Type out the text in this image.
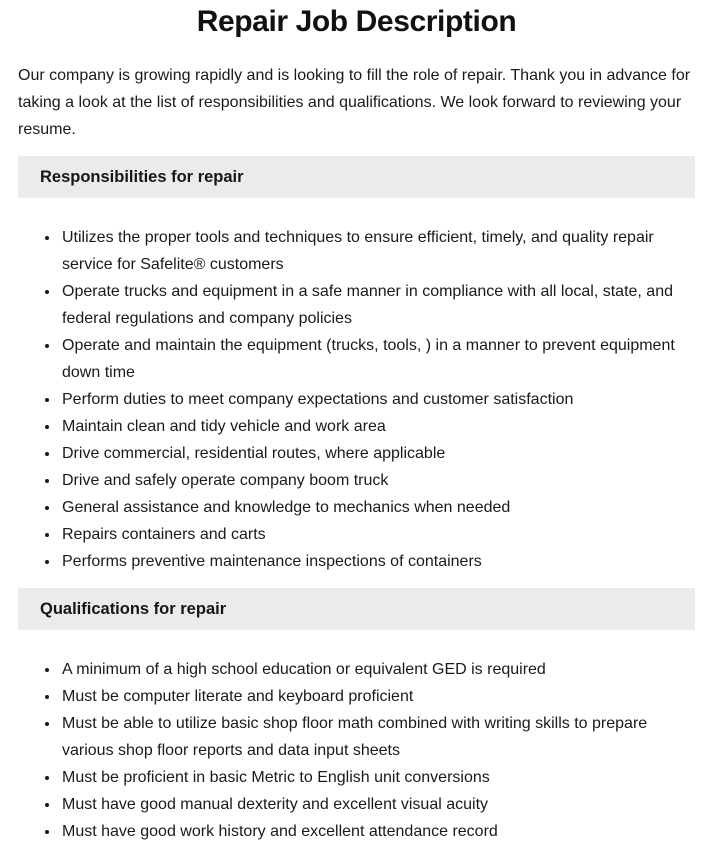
Repair Job Description

Our company is growing rapidly and is looking to fill the role of repair. Thank you in advance for taking a look at the list of responsibilities and qualifications. We look forward to reviewing your resume.

Responsibilities for repair
• Utilizes the proper tools and techniques to ensure efficient, timely, and quality repair service for Safelite® customers
• Operate trucks and equipment in a safe manner in compliance with all local, state, and federal regulations and company policies
• Operate and maintain the equipment (trucks, tools, ) in a manner to prevent equipment down time
• Perform duties to meet company expectations and customer satisfaction
• Maintain clean and tidy vehicle and work area
• Drive commercial, residential routes, where applicable
• Drive and safely operate company boom truck
• General assistance and knowledge to mechanics when needed
• Repairs containers and carts
• Performs preventive maintenance inspections of containers
Qualifications for repair
• A minimum of a high school education or equivalent GED is required
• Must be computer literate and keyboard proficient
• Must be able to utilize basic shop floor math combined with writing skills to prepare various shop floor reports and data input sheets
• Must be proficient in basic Metric to English unit conversions
• Must have good manual dexterity and excellent visual acuity
• Must have good work history and excellent attendance record
